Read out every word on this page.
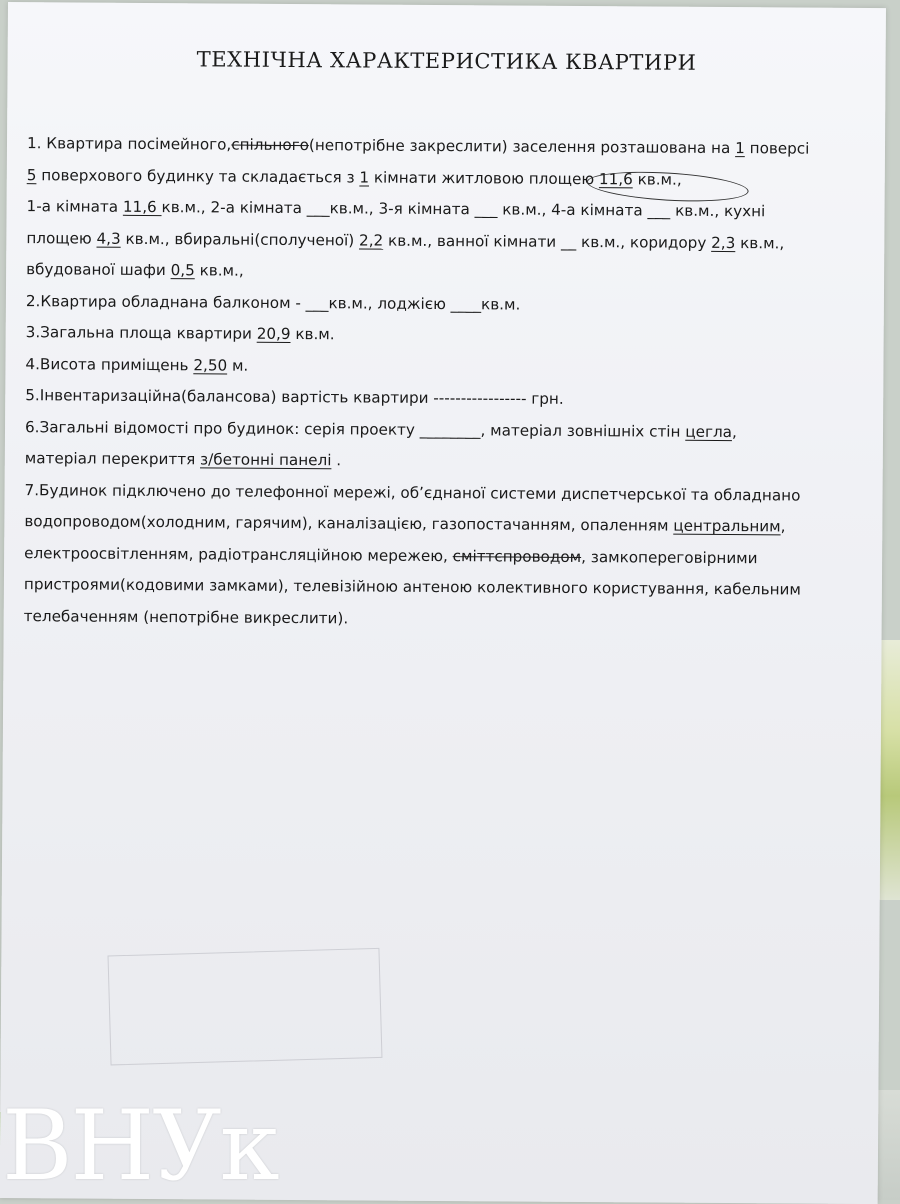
ТЕХНІЧНА ХАРАКТЕРИСТИКА КВАРТИРИ
1. Квартира посімейного,спільного(непотрібне закреслити) заселення розташована на 1 поверсі
5 поверхового будинку та складається з 1 кімнати житловою площею
11,6 кв.м.,
1-а кімната 11,6 кв.м., 2-а кімната ___кв.м., 3-я кімната ___ кв.м., 4-а кімната ___ кв.м., кухні
площею 4,3 кв.м., вбиральні(сполученої) 2,2 кв.м., ванної кімнати __ кв.м., коридору 2,3 кв.м.,
вбудованої шафи 0,5 кв.м.,
2.Квартира обладнана балконом - ___кв.м., лоджією ____кв.м.
3.Загальна площа квартири 20,9 кв.м.
4.Висота приміщень 2,50 м.
5.Інвентаризаційна(балансова) вартість квартири ----------------- грн.
6.Загальні відомості про будинок: серія проекту ________, матеріал зовнішніх стін цегла,
матеріал перекриття з/бетонні панелі .
7.Будинок підключено до телефонної мережі, об’єднаної системи диспетчерської та обладнано
водопроводом(холодним, гарячим), каналізацією, газопостачанням, опаленням центральним,
електроосвітленням, радіотрансляційною мережею, сміттєпроводом, замкопереговірними
пристроями(кодовими замками), телевізійною антеною колективного користування, кабельним
телебаченням (непотрібне викреслити).
ВНУк
